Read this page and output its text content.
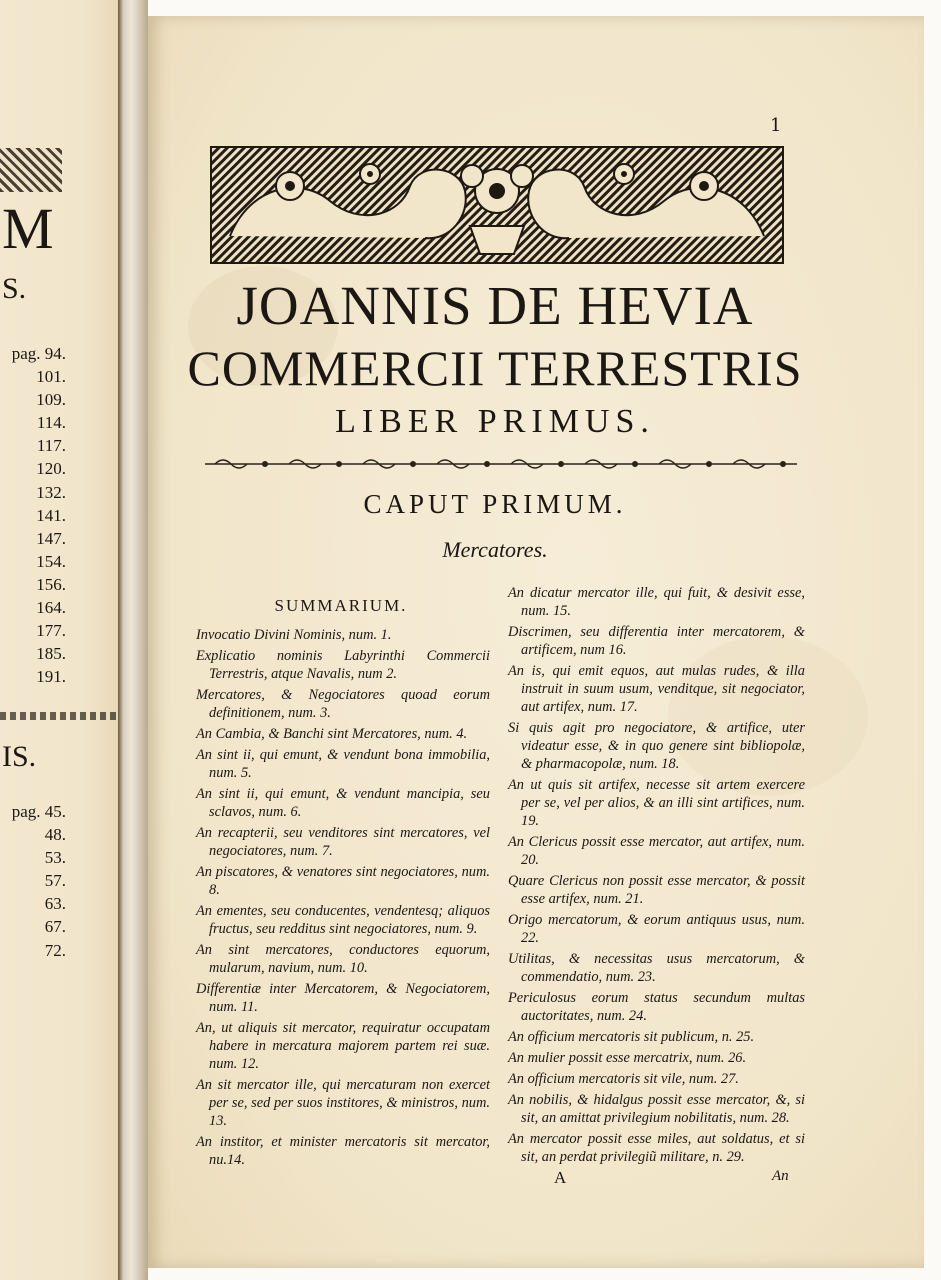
M
S.
pag. 94.
101.
109.
114.
117.
120.
132.
141.
147.
154.
156.
164.
177.
185.
191.
IS.
pag. 45.
48.
53.
57.
63.
67.
72.
1
JOANNIS DE HEVIA
COMMERCII TERRESTRIS
LIBER PRIMUS.
CAPUT PRIMUM.
Mercatores.
SUMMARIUM.
Invocatio Divini Nominis, num. 1.
Explicatio nominis Labyrinthi Commercii Terrestris, atque Navalis, num 2.
Mercatores, & Negociatores quoad eorum definitionem, num. 3.
An Cambia, & Banchi sint Mercatores, num. 4.
An sint ii, qui emunt, & vendunt bona immobilia, num. 5.
An sint ii, qui emunt, & vendunt mancipia, seu sclavos, num. 6.
An recapterii, seu venditores sint mercatores, vel negociatores, num. 7.
An piscatores, & venatores sint negociatores, num. 8.
An ementes, seu conducentes, vendentesq; aliquos fructus, seu redditus sint negociatores, num. 9.
An sint mercatores, conductores equorum, mularum, navium, num. 10.
Differentiæ inter Mercatorem, & Negociatorem, num. 11.
An, ut aliquis sit mercator, requiratur occupatam habere in mercatura majorem partem rei suæ. num. 12.
An sit mercator ille, qui mercaturam non exercet per se, sed per suos institores, & ministros, num. 13.
An institor, et minister mercatoris sit mercator, nu.14.
An dicatur mercator ille, qui fuit, & desivit esse, num. 15.
Discrimen, seu differentia inter mercatorem, & artificem, num 16.
An is, qui emit equos, aut mulas rudes, & illa instruit in suum usum, venditque, sit negociator, aut artifex, num. 17.
Si quis agit pro negociatore, & artifice, uter videatur esse, & in quo genere sint bibliopolæ, & pharmacopolæ, num. 18.
An ut quis sit artifex, necesse sit artem exercere per se, vel per alios, & an illi sint artifices, num. 19.
An Clericus possit esse mercator, aut artifex, num. 20.
Quare Clericus non possit esse mercator, & possit esse artifex, num. 21.
Origo mercatorum, & eorum antiquus usus, num. 22.
Utilitas, & necessitas usus mercatorum, & commendatio, num. 23.
Periculosus eorum status secundum multas auctoritates, num. 24.
An officium mercatoris sit publicum, n. 25.
An mulier possit esse mercatrix, num. 26.
An officium mercatoris sit vile, num. 27.
An nobilis, & hidalgus possit esse mercator, &, si sit, an amittat privilegium nobilitatis, num. 28.
An mercator possit esse miles, aut soldatus, et si sit, an perdat privilegiũ militare, n. 29.
A	An
